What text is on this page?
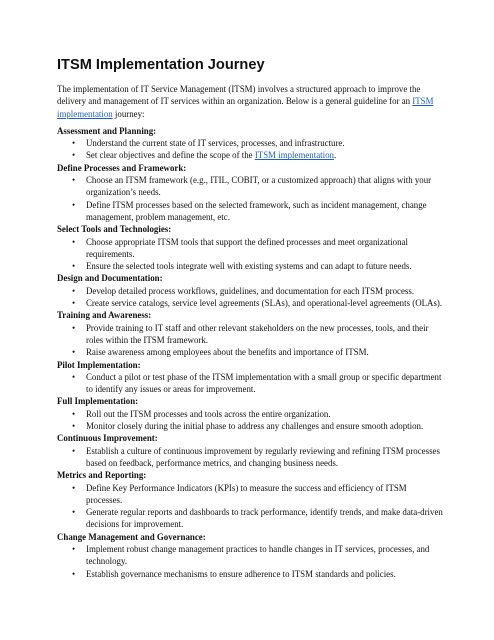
ITSM Implementation Journey

The implementation of IT Service Management (ITSM) involves a structured approach to improve the delivery and management of IT services within an organization. Below is a general guideline for an ITSM implementation journey:

Assessment and Planning:
• Understand the current state of IT services, processes, and infrastructure.
• Set clear objectives and define the scope of the ITSM implementation.
Define Processes and Framework:
• Choose an ITSM framework (e.g., ITIL, COBIT, or a customized approach) that aligns with your organization’s needs.
• Define ITSM processes based on the selected framework, such as incident management, change management, problem management, etc.
Select Tools and Technologies:
• Choose appropriate ITSM tools that support the defined processes and meet organizational requirements.
• Ensure the selected tools integrate well with existing systems and can adapt to future needs.
Design and Documentation:
• Develop detailed process workflows, guidelines, and documentation for each ITSM process.
• Create service catalogs, service level agreements (SLAs), and operational-level agreements (OLAs).
Training and Awareness:
• Provide training to IT staff and other relevant stakeholders on the new processes, tools, and their roles within the ITSM framework.
• Raise awareness among employees about the benefits and importance of ITSM.
Pilot Implementation:
• Conduct a pilot or test phase of the ITSM implementation with a small group or specific department to identify any issues or areas for improvement.
Full Implementation:
• Roll out the ITSM processes and tools across the entire organization.
• Monitor closely during the initial phase to address any challenges and ensure smooth adoption.
Continuous Improvement:
• Establish a culture of continuous improvement by regularly reviewing and refining ITSM processes based on feedback, performance metrics, and changing business needs.
Metrics and Reporting:
• Define Key Performance Indicators (KPIs) to measure the success and efficiency of ITSM processes.
• Generate regular reports and dashboards to track performance, identify trends, and make data-driven decisions for improvement.
Change Management and Governance:
• Implement robust change management practices to handle changes in IT services, processes, and technology.
• Establish governance mechanisms to ensure adherence to ITSM standards and policies.
